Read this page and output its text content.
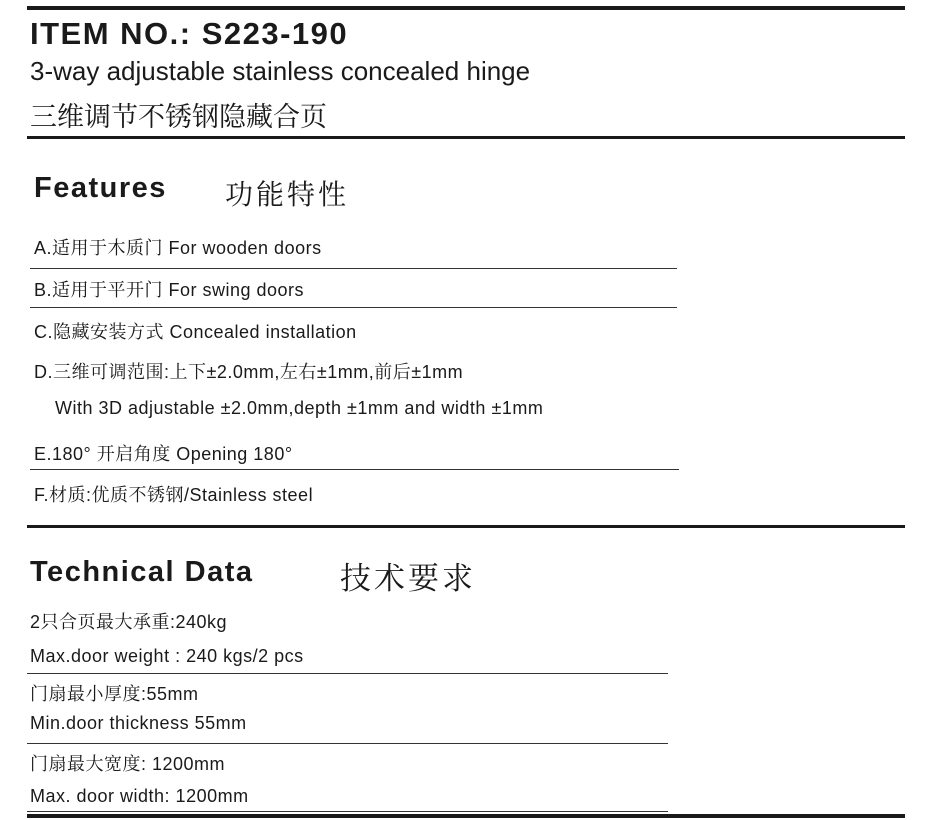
ITEM NO.: S223-190
3-way adjustable stainless concealed hinge
三维调节不锈钢隐藏合页
Features 功能特性
A.适用于木质门 For wooden doors
B.适用于平开门 For swing doors
C.隐藏安装方式 Concealed installation
D.三维可调范围:上下±2.0mm,左右±1mm,前后±1mm
With 3D adjustable ±2.0mm,depth ±1mm and width ±1mm
E.180° 开启角度 Opening 180°
F.材质:优质不锈钢/Stainless steel
Technical Data	技术要求
2只合页最大承重:240kg
Max.door weight : 240 kgs/2 pcs
门扇最小厚度:55mm
Min.door thickness 55mm
门扇最大宽度: 1200mm
Max. door width: 1200mm
